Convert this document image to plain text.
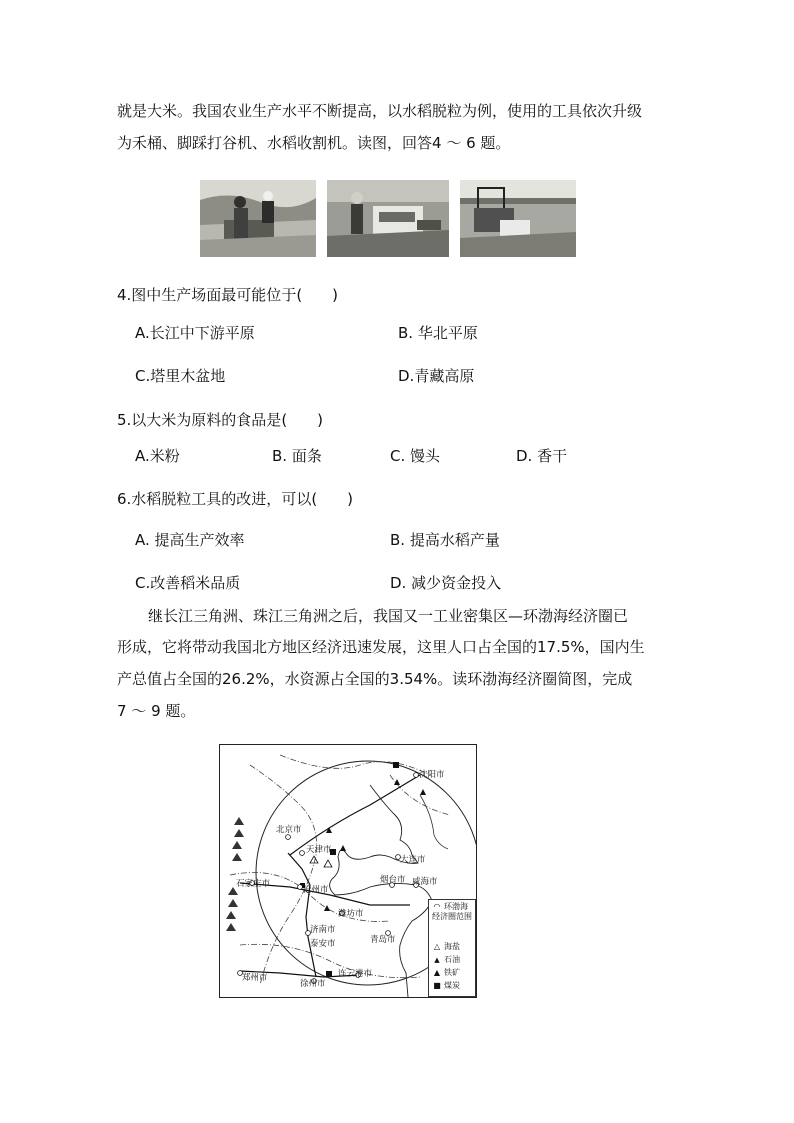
就是大米。我国农业生产水平不断提高，以水稻脱粒为例，使用的工具依次升级
为禾桶、脚踩打谷机、水稻收割机。读图，回答4 ～ 6 题。
4.图中生产场面最可能位于(　　)
A.长江中下游平原	B. 华北平原
C.塔里木盆地	D.青藏高原
5.以大米为原料的食品是(　　)
A.米粉	B. 面条	C. 馒头	D. 香干
6.水稻脱粒工具的改进，可以(　　)
A. 提高生产效率	B. 提高水稻产量
C.改善稻米品质	D. 减少资金投入
继长江三角洲、珠江三角洲之后，我国又一工业密集区—环渤海经济圈已
形成，它将带动我国北方地区经济迅速发展，这里人口占全国的17.5%，国内生
产总值占全国的26.2%，水资源占全国的3.54%。读环渤海经济圈简图，完成
7 ～ 9 题。
沈阳市
北京市
天津市
大连市
石家庄市
沧州市
烟台市 威海市
潍坊市
济南市
泰安市	青岛市
连云港市
郑州市
徐州市
◠ 环渤海经济圈范围
△ 海盐
▲ 石油
▲ 铁矿
■ 煤炭
